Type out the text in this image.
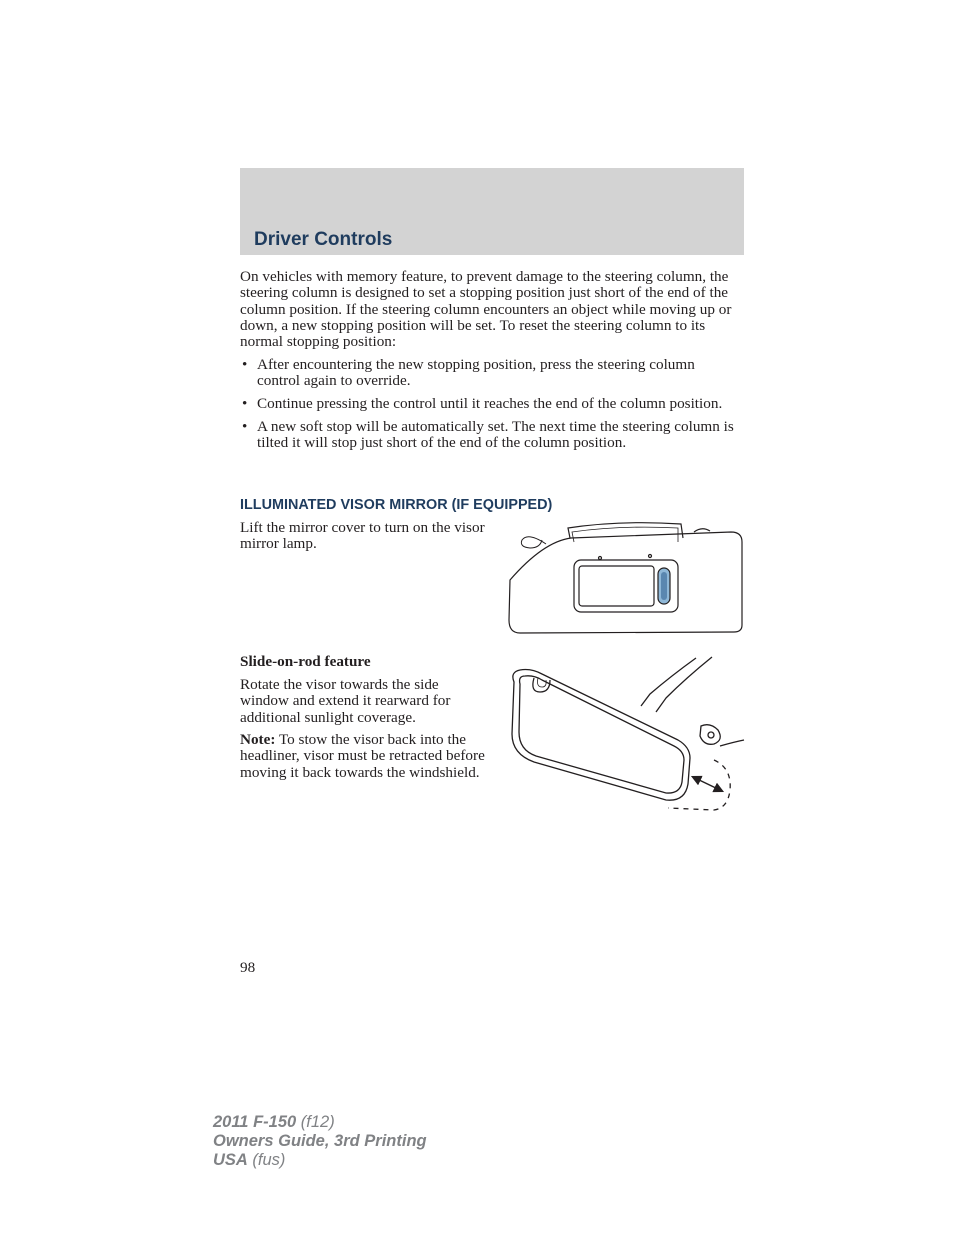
Driver Controls

On vehicles with memory feature, to prevent damage to the steering column, the steering column is designed to set a stopping position just short of the end of the column position. If the steering column encounters an object while moving up or down, a new stopping position will be set. To reset the steering column to its normal stopping position:

• After encountering the new stopping position, press the steering column control again to override.
• Continue pressing the control until it reaches the end of the column position.
• A new soft stop will be automatically set. The next time the steering column is tilted it will stop just short of the end of the column position.
ILLUMINATED VISOR MIRROR (IF EQUIPPED)

Lift the mirror cover to turn on the visor mirror lamp.

Slide-on-rod feature

Rotate the visor towards the side window and extend it rearward for additional sunlight coverage.

Note: To stow the visor back into the headliner, visor must be retracted before moving it back towards the windshield.

98

2011 F-150 (f12)
Owners Guide, 3rd Printing
USA (fus)
